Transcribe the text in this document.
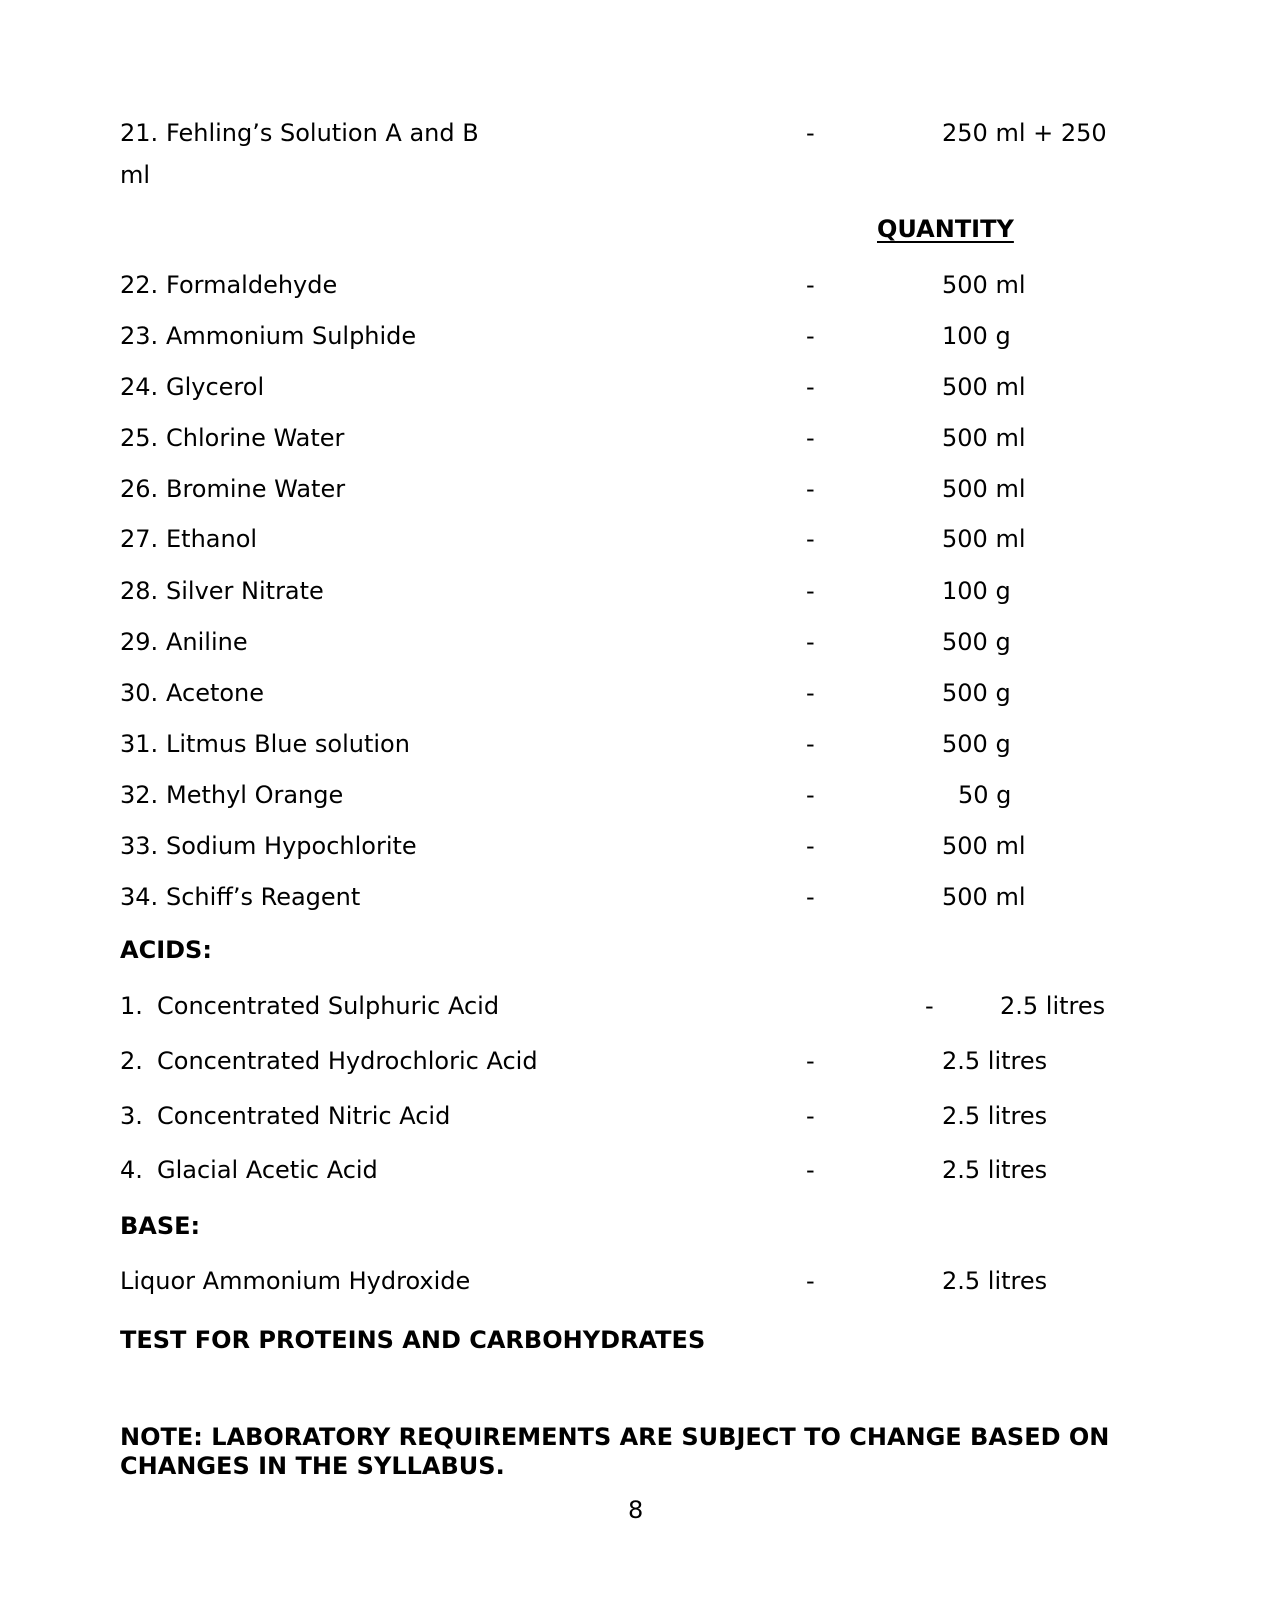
21. Fehling’s Solution A and B	-	250 ml + 250
ml
QUANTITY
22. Formaldehyde	-	500 ml
23. Ammonium Sulphide	-	100 g
24. Glycerol	-	500 ml
25. Chlorine Water	-	500 ml
26. Bromine Water	-	500 ml
27. Ethanol	-	500 ml
28. Silver Nitrate	-	100 g
29. Aniline	-	500 g
30. Acetone	-	500 g
31. Litmus Blue solution	-	500 g
32. Methyl Orange	-	50 g
33. Sodium Hypochlorite	-	500 ml
34. Schiff’s Reagent	-	500 ml
ACIDS:
1. Concentrated Sulphuric Acid	-	2.5 litres
2. Concentrated Hydrochloric Acid	-	2.5 litres
3. Concentrated Nitric Acid	-	2.5 litres
4. Glacial Acetic Acid	-	2.5 litres
BASE:
Liquor Ammonium Hydroxide	-	2.5 litres
TEST FOR PROTEINS AND CARBOHYDRATES
NOTE: LABORATORY REQUIREMENTS ARE SUBJECT TO CHANGE BASED ON CHANGES IN THE SYLLABUS.
8
